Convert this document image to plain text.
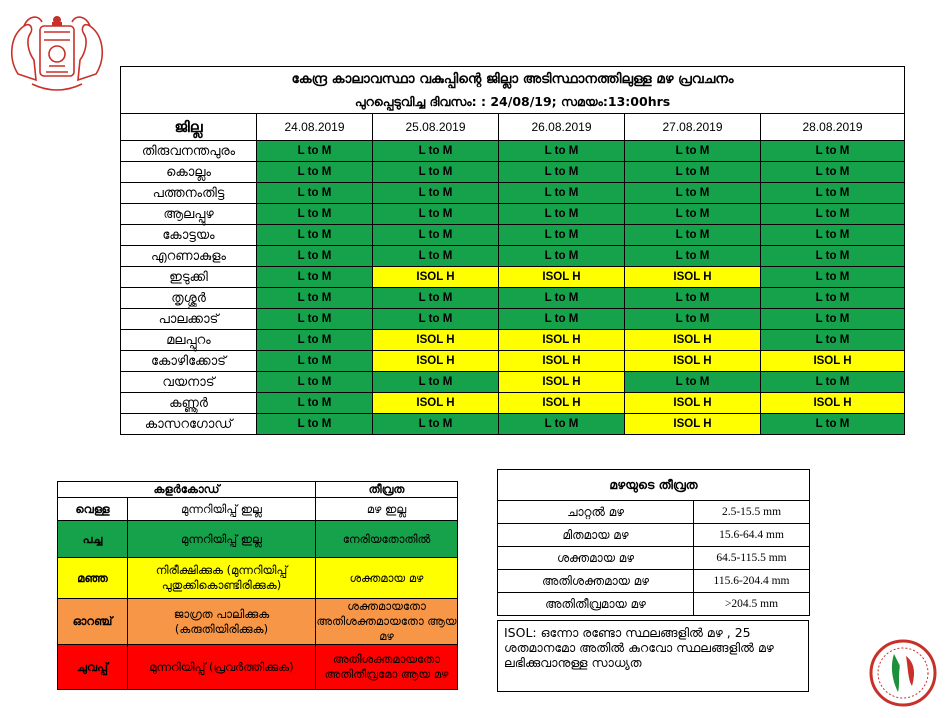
കേന്ദ്ര കാലാവസ്ഥാ വകുപ്പിന്റെ ജില്ലാ അടിസ്ഥാനത്തിലുള്ള മഴ പ്രവചനം					
പുറപ്പെടുവിച്ച ദിവസം: : 24/08/19; സമയം:13:00hrs					
ജില്ല	24.08.2019	25.08.2019	26.08.2019	27.08.2019	28.08.2019
തിരുവനന്തപുരം	L to M	L to M	L to M	L to M	L to M
കൊല്ലം	L to M	L to M	L to M	L to M	L to M
പത്തനംതിട്ട	L to M	L to M	L to M	L to M	L to M
ആലപ്പുഴ	L to M	L to M	L to M	L to M	L to M
കോട്ടയം	L to M	L to M	L to M	L to M	L to M
എറണാകുളം	L to M	L to M	L to M	L to M	L to M
ഇടുക്കി	L to M	ISOL H	ISOL H	ISOL H	L to M
തൃശ്ശൂർ	L to M	L to M	L to M	L to M	L to M
പാലക്കാട്	L to M	L to M	L to M	L to M	L to M
മലപ്പുറം	L to M	ISOL H	ISOL H	ISOL H	L to M
കോഴിക്കോട്	L to M	ISOL H	ISOL H	ISOL H	ISOL H
വയനാട്	L to M	L to M	ISOL H	L to M	L to M
കണ്ണൂർ	L to M	ISOL H	ISOL H	ISOL H	ISOL H
കാസറഗോഡ്	L to M	L to M	L to M	ISOL H	L to M
കളർകോഡ്		തീവ്രത
വെള്ള	മുന്നറിയിപ്പ് ഇല്ല	മഴ ഇല്ല
പച്ച	മുന്നറിയിപ്പ് ഇല്ല	നേരിയതോതിൽ
മഞ്ഞ	നിരീക്ഷിക്കുക (മുന്നറിയിപ്പ് പുതുക്കികൊണ്ടിരിക്കുക)	ശക്തമായ മഴ
ഓറഞ്ച്	ജാഗ്രത പാലിക്കുക (കരുതിയിരിക്കുക)	ശക്തമായതോ അതിശക്തമായതോ ആയ മഴ
ചുവപ്പ്	മുന്നറിയിപ്പ് (പ്രവർത്തിക്കുക)	അതിശക്തമായതോ അതിതീവ്രമോ ആയ മഴ
മഴയുടെ തീവ്രത	
ചാറ്റൽ മഴ	2.5-15.5 mm
മിതമായ മഴ	15.6-64.4 mm
ശക്തമായ മഴ	64.5-115.5 mm
അതിശക്തമായ മഴ	115.6-204.4 mm
അതിതീവ്രമായ മഴ	>204.5 mm
ISOL: ഒന്നോ രണ്ടോ സ്ഥലങ്ങളിൽ മഴ , 25 ശതമാനമോ അതിൽ കുറവോ സ്ഥലങ്ങളിൽ മഴ ലഭിക്കുവാനുള്ള സാധ്യത
